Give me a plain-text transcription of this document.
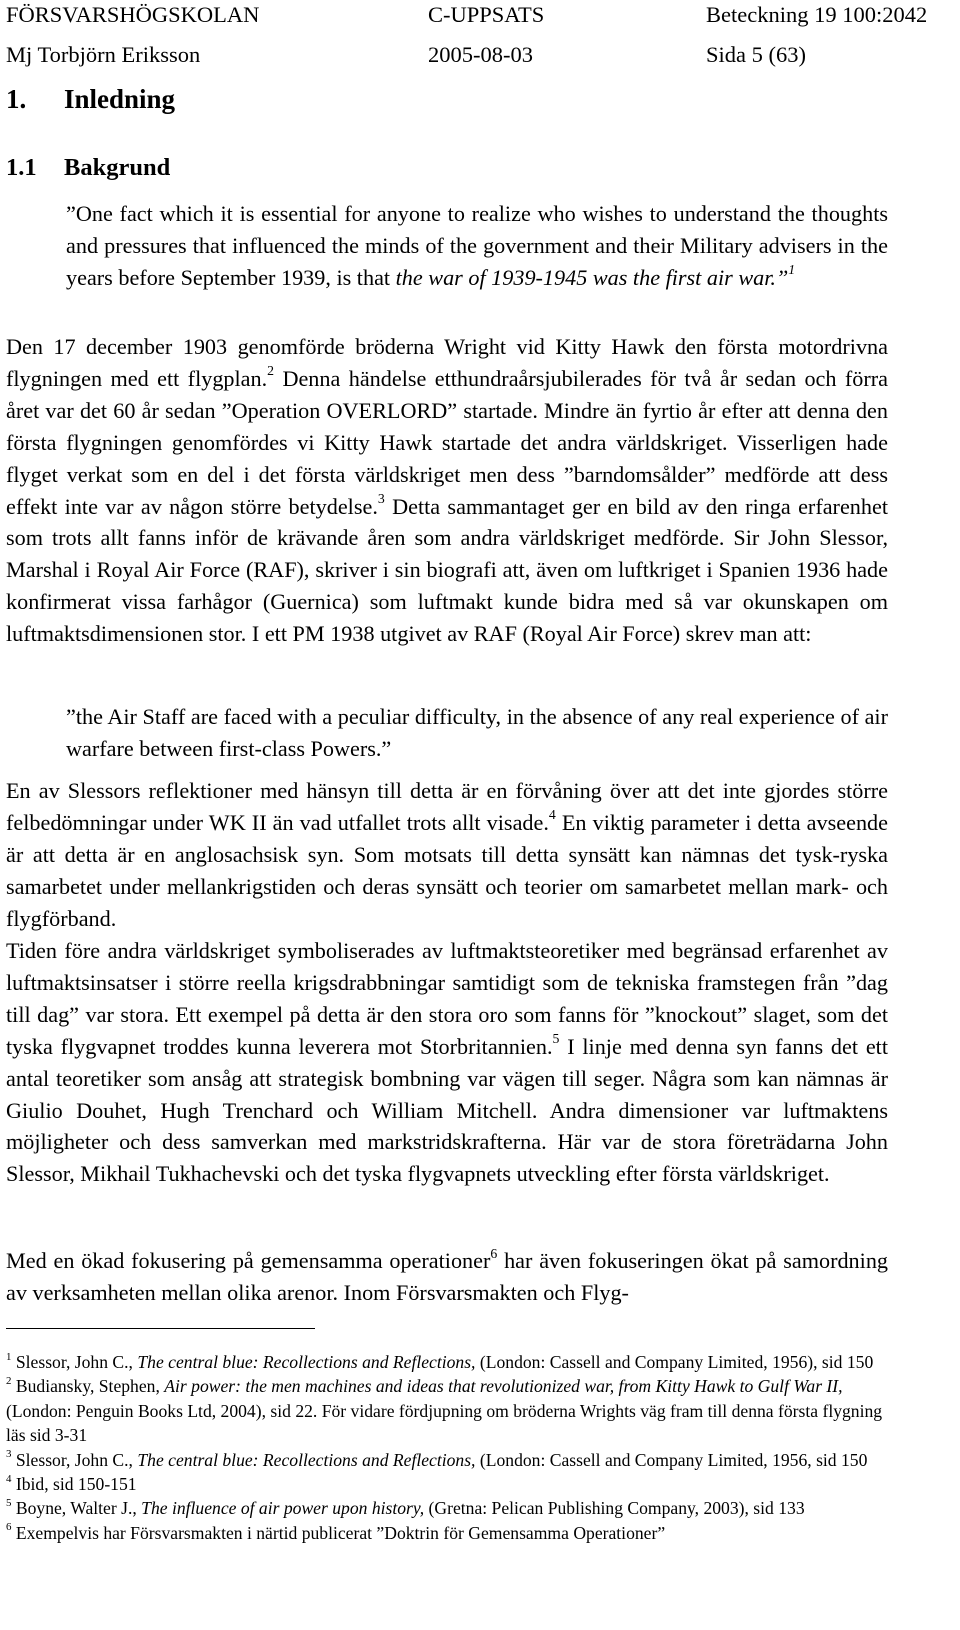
FÖRSVARSHÖGSKOLAN	C-UPPSATS	Beteckning 19 100:2042
Mj Torbjörn Eriksson	2005-08-03	Sida 5 (63)
1. Inledning
1.1 Bakgrund

”One fact which it is essential for anyone to realize who wishes to understand the thoughts and pressures that influenced the minds of the government and their Military advisers in the years before September 1939, is that the war of 1939-1945 was the first air war.”$^1$

Den 17 december 1903 genomförde bröderna Wright vid Kitty Hawk den första motordrivna flygningen med ett flygplan.$^2$ Denna händelse etthundraårsjubilerades för två år sedan och förra året var det 60 år sedan ”Operation OVERLORD” startade. Mindre än fyrtio år efter att denna den första flygningen genomfördes vi Kitty Hawk startade det andra världskriget. Visserligen hade flyget verkat som en del i det första världskriget men dess ”barndomsålder” medförde att dess effekt inte var av någon större betydelse.$^3$ Detta sammantaget ger en bild av den ringa erfarenhet som trots allt fanns inför de krävande åren som andra världskriget medförde. Sir John Slessor, Marshal i Royal Air Force (RAF), skriver i sin biografi att, även om luftkriget i Spanien 1936 hade konfirmerat vissa farhågor (Guernica) som luftmakt kunde bidra med så var okunskapen om luftmaktsdimensionen stor. I ett PM 1938 utgivet av RAF (Royal Air Force) skrev man att:

”the Air Staff are faced with a peculiar difficulty, in the absence of any real experience of air warfare between first-class Powers.”

En av Slessors reflektioner med hänsyn till detta är en förvåning över att det inte gjordes större felbedömningar under WK II än vad utfallet trots allt visade.$^4$ En viktig parameter i detta avseende är att detta är en anglosachsisk syn. Som motsats till detta synsätt kan nämnas det tysk-ryska samarbetet under mellankrigstiden och deras synsätt och teorier om samarbetet mellan mark- och flygförband.

Tiden före andra världskriget symboliserades av luftmaktsteoretiker med begränsad erfarenhet av luftmaktsinsatser i större reella krigsdrabbningar samtidigt som de tekniska framstegen från ”dag till dag” var stora. Ett exempel på detta är den stora oro som fanns för ”knockout” slaget, som det tyska flygvapnet troddes kunna leverera mot Storbritannien.$^5$ I linje med denna syn fanns det ett antal teoretiker som ansåg att strategisk bombning var vägen till seger. Några som kan nämnas är Giulio Douhet, Hugh Trenchard och William Mitchell. Andra dimensioner var luftmaktens möjligheter och dess samverkan med markstridskrafterna. Här var de stora företrädarna John Slessor, Mikhail Tukhachevski och det tyska flygvapnets utveckling efter första världskriget.

Med en ökad fokusering på gemensamma operationer$^6$ har även fokuseringen ökat på samordning av verksamheten mellan olika arenor. Inom Försvarsmakten och Flyg-

$^1$ Slessor, John C., The central blue: Recollections and Reflections, (London: Cassell and Company Limited, 1956), sid 150

$^2$ Budiansky, Stephen, Air power: the men machines and ideas that revolutionized war, from Kitty Hawk to Gulf War II, (London: Penguin Books Ltd, 2004), sid 22. För vidare fördjupning om bröderna Wrights väg fram till denna första flygning läs sid 3-31

$^3$ Slessor, John C., The central blue: Recollections and Reflections, (London: Cassell and Company Limited, 1956, sid 150

$^4$ Ibid, sid 150-151

$^5$ Boyne, Walter J., The influence of air power upon history, (Gretna: Pelican Publishing Company, 2003), sid 133

$^6$ Exempelvis har Försvarsmakten i närtid publicerat ”Doktrin för Gemensamma Operationer”
